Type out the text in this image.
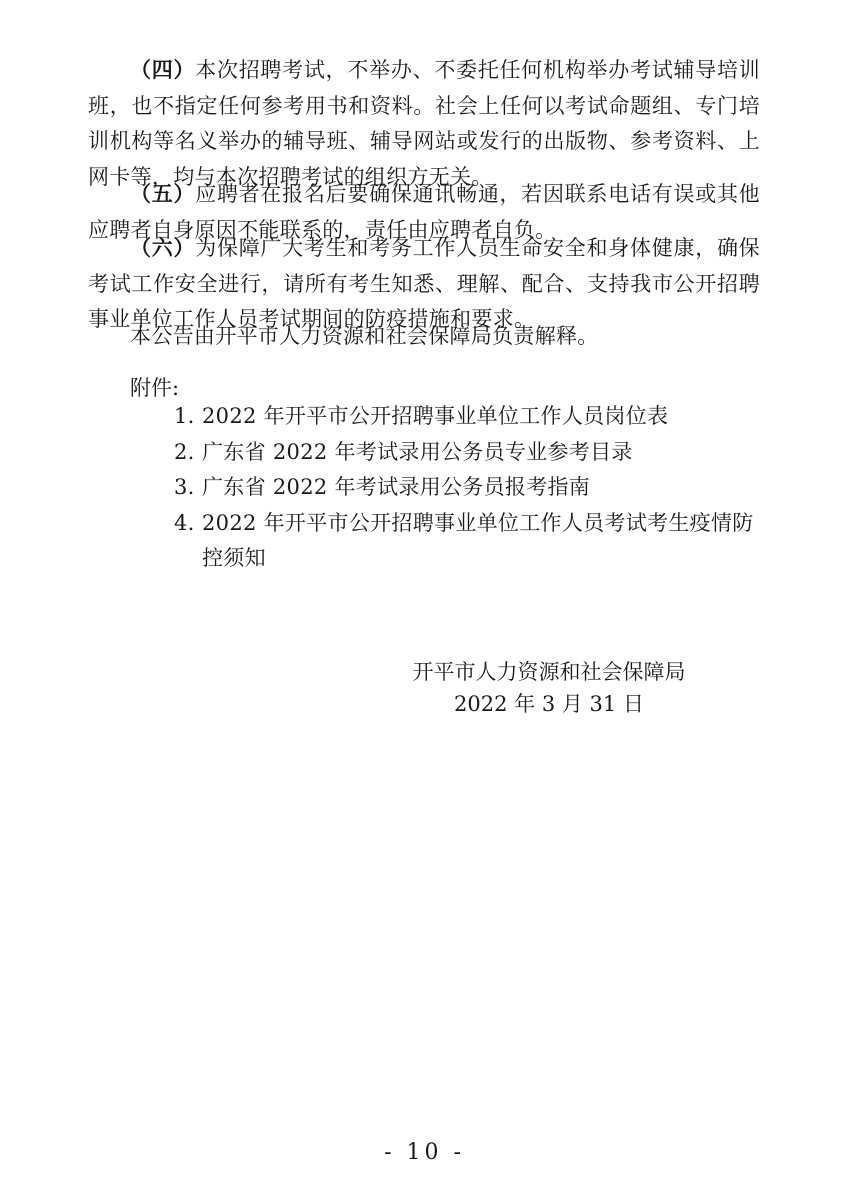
（四）本次招聘考试，不举办、不委托任何机构举办考试辅导培训班，也不指定任何参考用书和资料。社会上任何以考试命题组、专门培训机构等名义举办的辅导班、辅导网站或发行的出版物、参考资料、上网卡等，均与本次招聘考试的组织方无关。

（五）应聘者在报名后要确保通讯畅通，若因联系电话有误或其他应聘者自身原因不能联系的，责任由应聘者自负。

（六）为保障广大考生和考务工作人员生命安全和身体健康，确保考试工作安全进行，请所有考生知悉、理解、配合、支持我市公开招聘事业单位工作人员考试期间的防疫措施和要求。

本公告由开平市人力资源和社会保障局负责解释。

附件:
1. 2022 年开平市公开招聘事业单位工作人员岗位表
2. 广东省 2022 年考试录用公务员专业参考目录
3. 广东省 2022 年考试录用公务员报考指南
4. 2022 年开平市公开招聘事业单位工作人员考试考生疫情防控须知
开平市人力资源和社会保障局
2022 年 3 月 31 日
- 10 -
